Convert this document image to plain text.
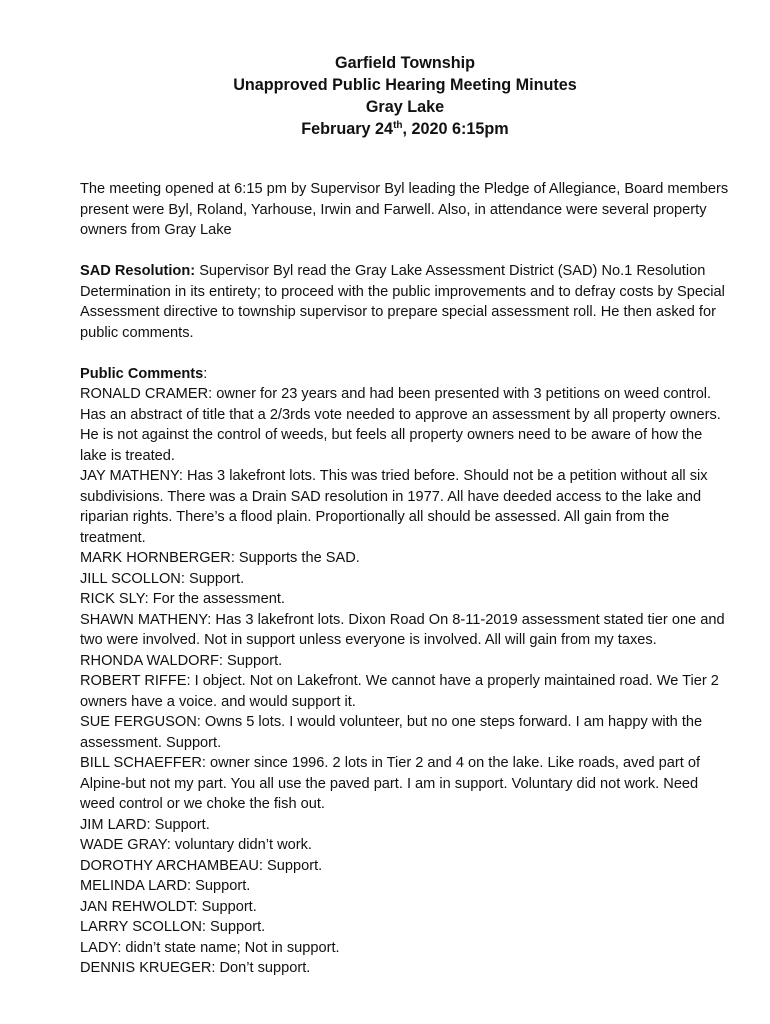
Garfield Township
Unapproved Public Hearing Meeting Minutes
Gray Lake
February 24th, 2020 6:15pm

The meeting opened at 6:15 pm by Supervisor Byl leading the Pledge of Allegiance, Board members present were Byl, Roland, Yarhouse, Irwin and Farwell. Also, in attendance were several property owners from Gray Lake

SAD Resolution: Supervisor Byl read the Gray Lake Assessment District (SAD) No.1 Resolution Determination in its entirety; to proceed with the public improvements and to defray costs by Special Assessment directive to township supervisor to prepare special assessment roll. He then asked for public comments.

Public Comments:

RONALD CRAMER: owner for 23 years and had been presented with 3 petitions on weed control. Has an abstract of title that a 2/3rds vote needed to approve an assessment by all property owners. He is not against the control of weeds, but feels all property owners need to be aware of how the lake is treated.

JAY MATHENY: Has 3 lakefront lots. This was tried before. Should not be a petition without all six subdivisions. There was a Drain SAD resolution in 1977. All have deeded access to the lake and riparian rights. There’s a flood plain. Proportionally all should be assessed. All gain from the treatment.

MARK HORNBERGER: Supports the SAD.

JILL SCOLLON: Support.

RICK SLY: For the assessment.

SHAWN MATHENY: Has 3 lakefront lots. Dixon Road On 8-11-2019 assessment stated tier one and two were involved. Not in support unless everyone is involved. All will gain from my taxes.

RHONDA WALDORF: Support.

ROBERT RIFFE: I object. Not on Lakefront. We cannot have a properly maintained road. We Tier 2 owners have a voice. and would support it.

SUE FERGUSON: Owns 5 lots. I would volunteer, but no one steps forward. I am happy with the assessment. Support.

BILL SCHAEFFER: owner since 1996. 2 lots in Tier 2 and 4 on the lake. Like roads, aved part of Alpine-but not my part. You all use the paved part. I am in support. Voluntary did not work. Need weed control or we choke the fish out.

JIM LARD: Support.

WADE GRAY: voluntary didn’t work.

DOROTHY ARCHAMBEAU: Support.

MELINDA LARD: Support.

JAN REHWOLDT: Support.

LARRY SCOLLON: Support.

LADY: didn’t state name; Not in support.

DENNIS KRUEGER: Don’t support.
